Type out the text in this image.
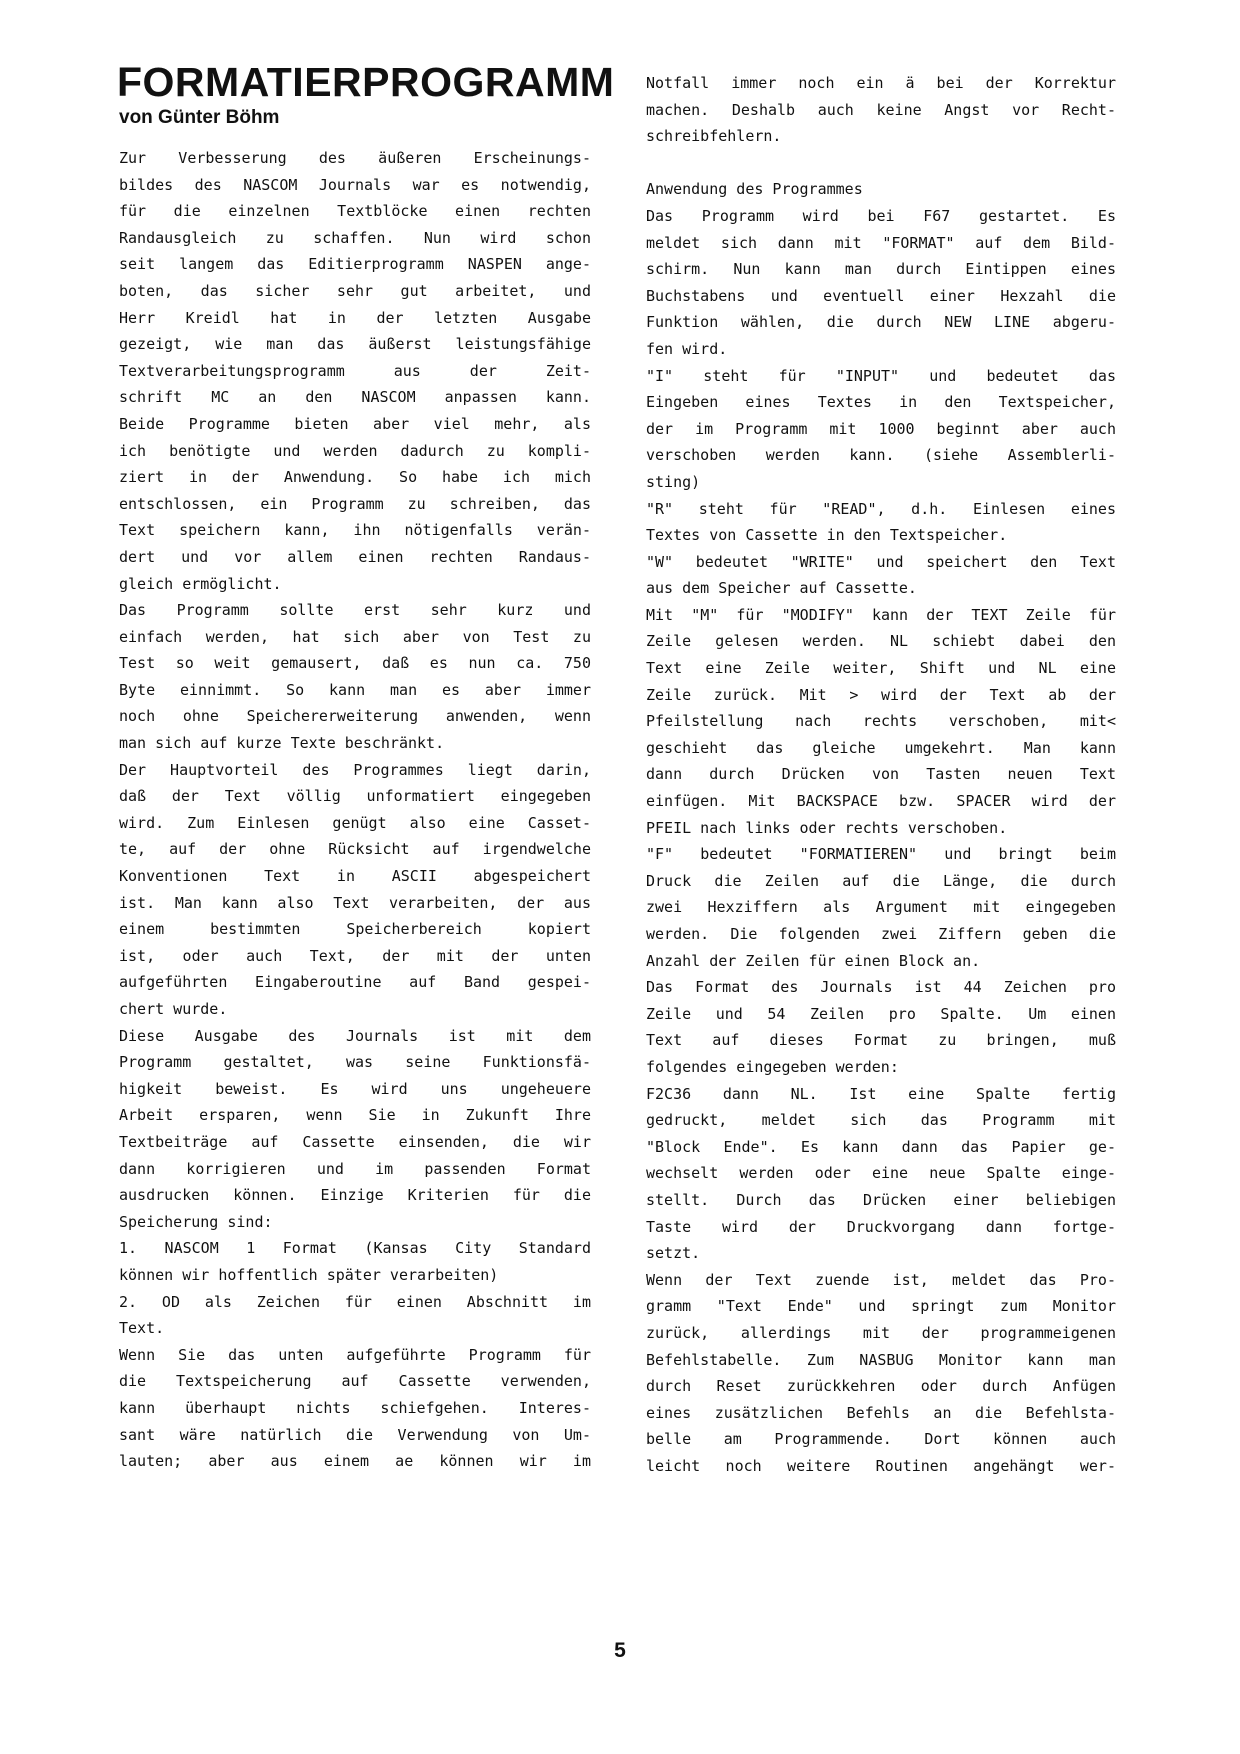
FORMATIERPROGRAMM
von Günter Böhm
Zur Verbesserung des äußeren Erscheinungs-
bildes des NASCOM Journals war es notwendig,
für die einzelnen Textblöcke einen rechten
Randausgleich zu schaffen. Nun wird schon
seit langem das Editierprogramm NASPEN ange-
boten, das sicher sehr gut arbeitet, und
Herr Kreidl hat in der letzten Ausgabe
gezeigt, wie man das äußerst leistungsfähige
Textverarbeitungsprogramm aus der Zeit-
schrift MC an den NASCOM anpassen kann.
Beide Programme bieten aber viel mehr, als
ich benötigte und werden dadurch zu kompli-
ziert in der Anwendung. So habe ich mich
entschlossen, ein Programm zu schreiben, das
Text speichern kann, ihn nötigenfalls verän-
dert und vor allem einen rechten Randaus-
gleich ermöglicht.
Das Programm sollte erst sehr kurz und
einfach werden, hat sich aber von Test zu
Test so weit gemausert, daß es nun ca. 750
Byte einnimmt. So kann man es aber immer
noch ohne Speichererweiterung anwenden, wenn
man sich auf kurze Texte beschränkt.
Der Hauptvorteil des Programmes liegt darin,
daß der Text völlig unformatiert eingegeben
wird. Zum Einlesen genügt also eine Casset-
te, auf der ohne Rücksicht auf irgendwelche
Konventionen Text in ASCII abgespeichert
ist. Man kann also Text verarbeiten, der aus
einem bestimmten Speicherbereich kopiert
ist, oder auch Text, der mit der unten
aufgeführten Eingaberoutine auf Band gespei-
chert wurde.
Diese Ausgabe des Journals ist mit dem
Programm gestaltet, was seine Funktionsfä-
higkeit beweist. Es wird uns ungeheuere
Arbeit ersparen, wenn Sie in Zukunft Ihre
Textbeiträge auf Cassette einsenden, die wir
dann korrigieren und im passenden Format
ausdrucken können. Einzige Kriterien für die
Speicherung sind:
1. NASCOM 1 Format (Kansas City Standard
können wir hoffentlich später verarbeiten)
2. OD als Zeichen für einen Abschnitt im
Text.
Wenn Sie das unten aufgeführte Programm für
die Textspeicherung auf Cassette verwenden,
kann überhaupt nichts schiefgehen. Interes-
sant wäre natürlich die Verwendung von Um-
lauten; aber aus einem ae können wir im
Notfall immer noch ein ä bei der Korrektur
machen. Deshalb auch keine Angst vor Recht-
schreibfehlern.
Anwendung des Programmes
Das Programm wird bei F67 gestartet. Es
meldet sich dann mit "FORMAT" auf dem Bild-
schirm. Nun kann man durch Eintippen eines
Buchstabens und eventuell einer Hexzahl die
Funktion wählen, die durch NEW LINE abgeru-
fen wird.
"I" steht für "INPUT" und bedeutet das
Eingeben eines Textes in den Textspeicher,
der im Programm mit 1000 beginnt aber auch
verschoben werden kann. (siehe Assemblerli-
sting)
"R" steht für "READ", d.h. Einlesen eines
Textes von Cassette in den Textspeicher.
"W" bedeutet "WRITE" und speichert den Text
aus dem Speicher auf Cassette.
Mit "M" für "MODIFY" kann der TEXT Zeile für
Zeile gelesen werden. NL schiebt dabei den
Text eine Zeile weiter, Shift und NL eine
Zeile zurück. Mit > wird der Text ab der
Pfeilstellung nach rechts verschoben, mit<
geschieht das gleiche umgekehrt. Man kann
dann durch Drücken von Tasten neuen Text
einfügen. Mit BACKSPACE bzw. SPACER wird der
PFEIL nach links oder rechts verschoben.
"F" bedeutet "FORMATIEREN" und bringt beim
Druck die Zeilen auf die Länge, die durch
zwei Hexziffern als Argument mit eingegeben
werden. Die folgenden zwei Ziffern geben die
Anzahl der Zeilen für einen Block an.
Das Format des Journals ist 44 Zeichen pro
Zeile und 54 Zeilen pro Spalte. Um einen
Text auf dieses Format zu bringen, muß
folgendes eingegeben werden:
F2C36 dann NL. Ist eine Spalte fertig
gedruckt, meldet sich das Programm mit
"Block Ende". Es kann dann das Papier ge-
wechselt werden oder eine neue Spalte einge-
stellt. Durch das Drücken einer beliebigen
Taste wird der Druckvorgang dann fortge-
setzt.
Wenn der Text zuende ist, meldet das Pro-
gramm "Text Ende" und springt zum Monitor
zurück, allerdings mit der programmeigenen
Befehlstabelle. Zum NASBUG Monitor kann man
durch Reset zurückkehren oder durch Anfügen
eines zusätzlichen Befehls an die Befehlsta-
belle am Programmende. Dort können auch
leicht noch weitere Routinen angehängt wer-
5
